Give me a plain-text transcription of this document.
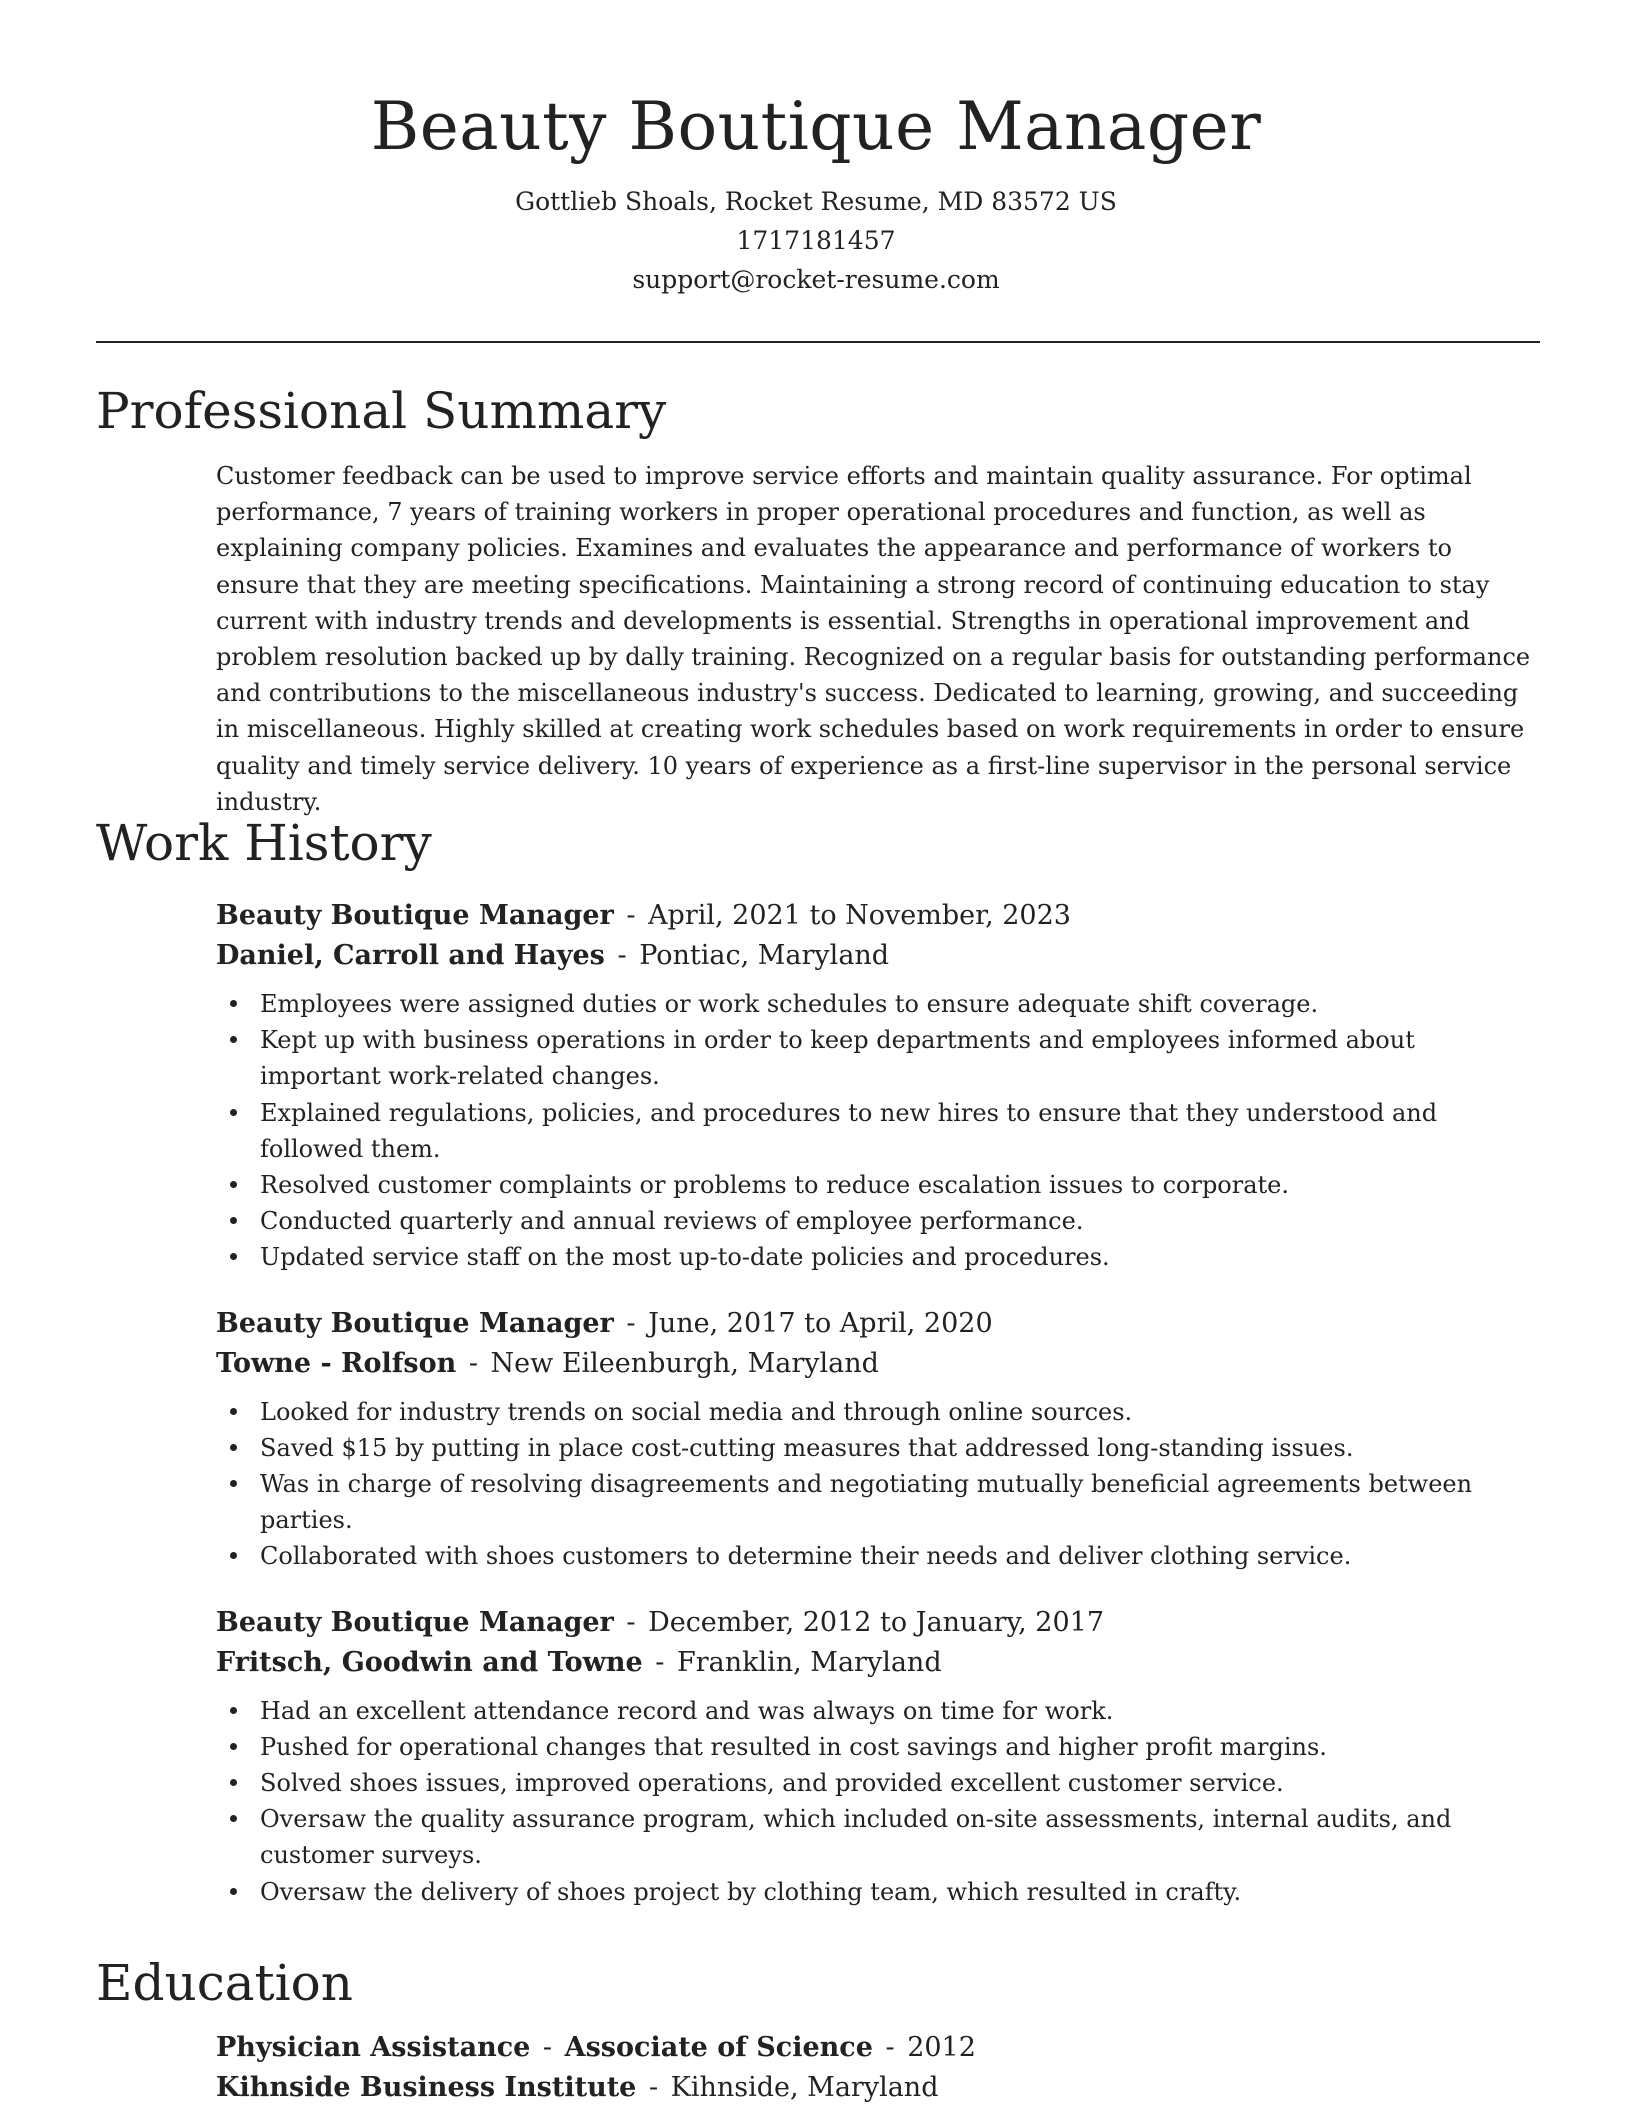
Beauty Boutique Manager
Gottlieb Shoals, Rocket Resume, MD 83572 US
1717181457
support@rocket-resume.com
Professional Summary
Customer feedback can be used to improve service efforts and maintain quality assurance. For optimal performance, 7 years of training workers in proper operational procedures and function, as well as explaining company policies. Examines and evaluates the appearance and performance of workers to ensure that they are meeting specifications. Maintaining a strong record of continuing education to stay current with industry trends and developments is essential. Strengths in operational improvement and problem resolution backed up by dally training. Recognized on a regular basis for outstanding performance and contributions to the miscellaneous industry's success. Dedicated to learning, growing, and succeeding in miscellaneous. Highly skilled at creating work schedules based on work requirements in order to ensure quality and timely service delivery. 10 years of experience as a first-line supervisor in the personal service industry.
Work History
Beauty Boutique Manager - April, 2021 to November, 2023
Daniel, Carroll and Hayes - Pontiac, Maryland
Employees were assigned duties or work schedules to ensure adequate shift coverage.
Kept up with business operations in order to keep departments and employees informed about important work-related changes.
Explained regulations, policies, and procedures to new hires to ensure that they understood and followed them.
Resolved customer complaints or problems to reduce escalation issues to corporate.
Conducted quarterly and annual reviews of employee performance.
Updated service staff on the most up-to-date policies and procedures.
Beauty Boutique Manager - June, 2017 to April, 2020
Towne - Rolfson - New Eileenburgh, Maryland
Looked for industry trends on social media and through online sources.
Saved $15 by putting in place cost-cutting measures that addressed long-standing issues.
Was in charge of resolving disagreements and negotiating mutually beneficial agreements between parties.
Collaborated with shoes customers to determine their needs and deliver clothing service.
Beauty Boutique Manager - December, 2012 to January, 2017
Fritsch, Goodwin and Towne - Franklin, Maryland
Had an excellent attendance record and was always on time for work.
Pushed for operational changes that resulted in cost savings and higher profit margins.
Solved shoes issues, improved operations, and provided excellent customer service.
Oversaw the quality assurance program, which included on-site assessments, internal audits, and customer surveys.
Oversaw the delivery of shoes project by clothing team, which resulted in crafty.
Education
Physician Assistance - Associate of Science - 2012
Kihnside Business Institute - Kihnside, Maryland
